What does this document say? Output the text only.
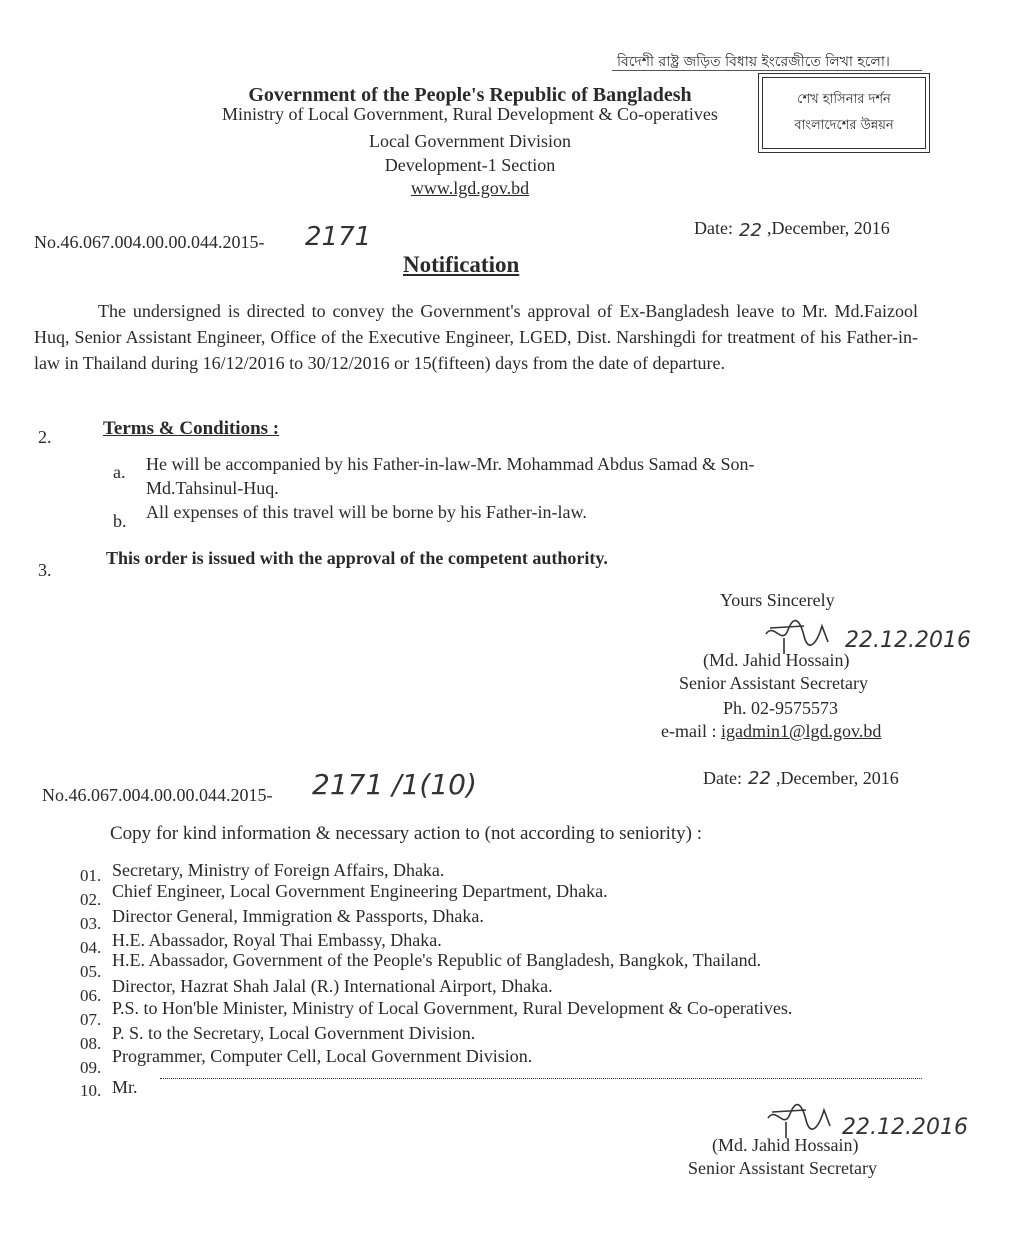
বিদেশী রাষ্ট্র জড়িত বিধায় ইংরেজীতে লিখা হলো।
Government of the People's Republic of Bangladesh
Ministry of Local Government, Rural Development & Co-operatives
Local Government Division
Development-1 Section
www.lgd.gov.bd
শেখ হাসিনার দর্শন
বাংলাদেশের উন্নয়ন
No.46.067.004.00.00.044.2015- 2171	Date: ,December, 2016
22
Notification
The undersigned is directed to convey the Government's approval of Ex-Bangladesh leave to Mr. Md.Faizool Huq, Senior Assistant Engineer, Office of the Executive Engineer, LGED, Dist. Narshingdi for treatment of his Father-in-law in Thailand during 16/12/2016 to 30/12/2016 or 15(fifteen) days from the date of departure.
2.	Terms & Conditions :
a. He will be accompanied by his Father-in-law-Mr. Mohammad Abdus Samad & Son-Md.Tahsinul-Huq.
b. All expenses of this travel will be borne by his Father-in-law.
3.
This order is issued with the approval of the competent authority.
Yours Sincerely
22.12.2016
(Md. Jahid Hossain)
Senior Assistant Secretary
Ph. 02-9575573
e-mail : igadmin1@lgd.gov.bd
No.46.067.004.00.00.044.2015- 2171 /1(10)	Date: ,December, 2016
22
Copy for kind information & necessary action to (not according to seniority) :
01. Secretary, Ministry of Foreign Affairs, Dhaka.
02. Chief Engineer, Local Government Engineering Department, Dhaka.
03. Director General, Immigration & Passports, Dhaka.
04. H.E. Abassador, Royal Thai Embassy, Dhaka.
05.
H.E. Abassador, Government of the People's Republic of Bangladesh, Bangkok, Thailand.
06. Director, Hazrat Shah Jalal (R.) International Airport, Dhaka.
07.
P.S. to Hon'ble Minister, Ministry of Local Government, Rural Development & Co-operatives.
08.
P. S. to the Secretary, Local Government Division.
09.
Programmer, Computer Cell, Local Government Division.
10. Mr.
22.12.2016
(Md. Jahid Hossain)
Senior Assistant Secretary
